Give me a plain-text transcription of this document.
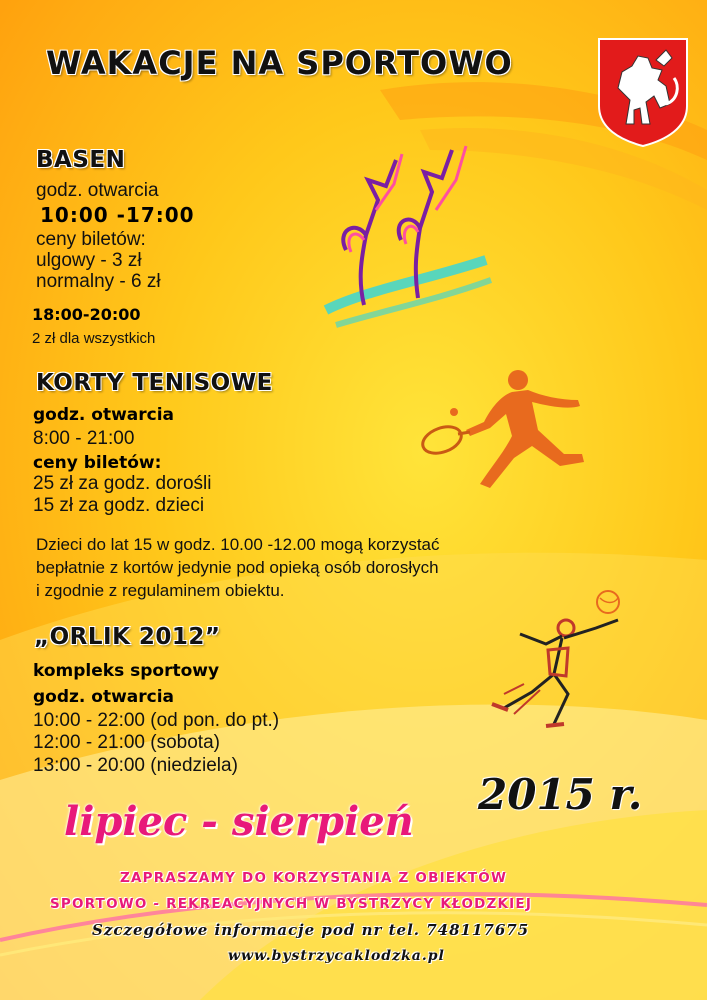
WAKACJE NA SPORTOWO
BASEN
godz. otwarcia
10:00 -17:00
ceny biletów:
ulgowy - 3 zł
normalny - 6 zł
18:00-20:00
2 zł dla wszystkich
KORTY TENISOWE
godz. otwarcia
8:00 - 21:00
ceny biletów:
25 zł za godz. dorośli
15 zł za godz. dzieci
Dzieci do lat 15 w godz. 10.00 -12.00 mogą korzystać
bepłatnie z kortów jedynie pod opieką osób dorosłych
i zgodnie z regulaminem obiektu.
„ORLIK 2012”
kompleks sportowy
godz. otwarcia
10:00 - 22:00 (od pon. do pt.)
12:00 - 21:00 (sobota)
13:00 - 20:00 (niedziela)
lipiec - sierpień
2015 r.
ZAPRASZAMY DO KORZYSTANIA Z OBIEKTÓW
SPORTOWO - REKREACYJNYCH W BYSTRZYCY KŁODZKIEJ
Szczegółowe informacje pod nr tel. 748117675
www.bystrzycaklodzka.pl
